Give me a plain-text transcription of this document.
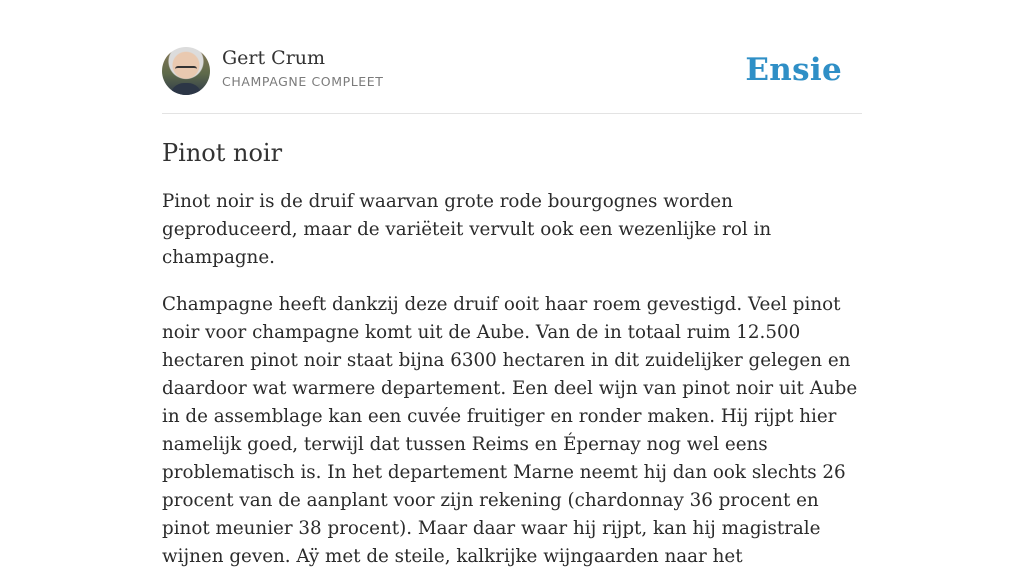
Gert Crum
CHAMPAGNE COMPLEET	Ensie
Pinot noir

Pinot noir is de druif waarvan grote rode bourgognes worden geproduceerd, maar de variëteit vervult ook een wezenlijke rol in champagne.

Champagne heeft dankzij deze druif ooit haar roem gevestigd. Veel pinot noir voor champagne komt uit de Aube. Van de in totaal ruim 12.500 hectaren pinot noir staat bijna 6300 hectaren in dit zuidelijker gelegen en daardoor wat warmere departement. Een deel wijn van pinot noir uit Aube in de assemblage kan een cuvée fruitiger en ronder maken. Hij rijpt hier namelijk goed, terwijl dat tussen Reims en Épernay nog wel eens problematisch is. In het departement Marne neemt hij dan ook slechts 26 procent van de aanplant voor zijn rekening (chardonnay 36 procent en pinot meunier 38 procent). Maar daar waar hij rijpt, kan hij magistrale wijnen geven. Aÿ met de steile, kalkrijke wijngaarden naar het
